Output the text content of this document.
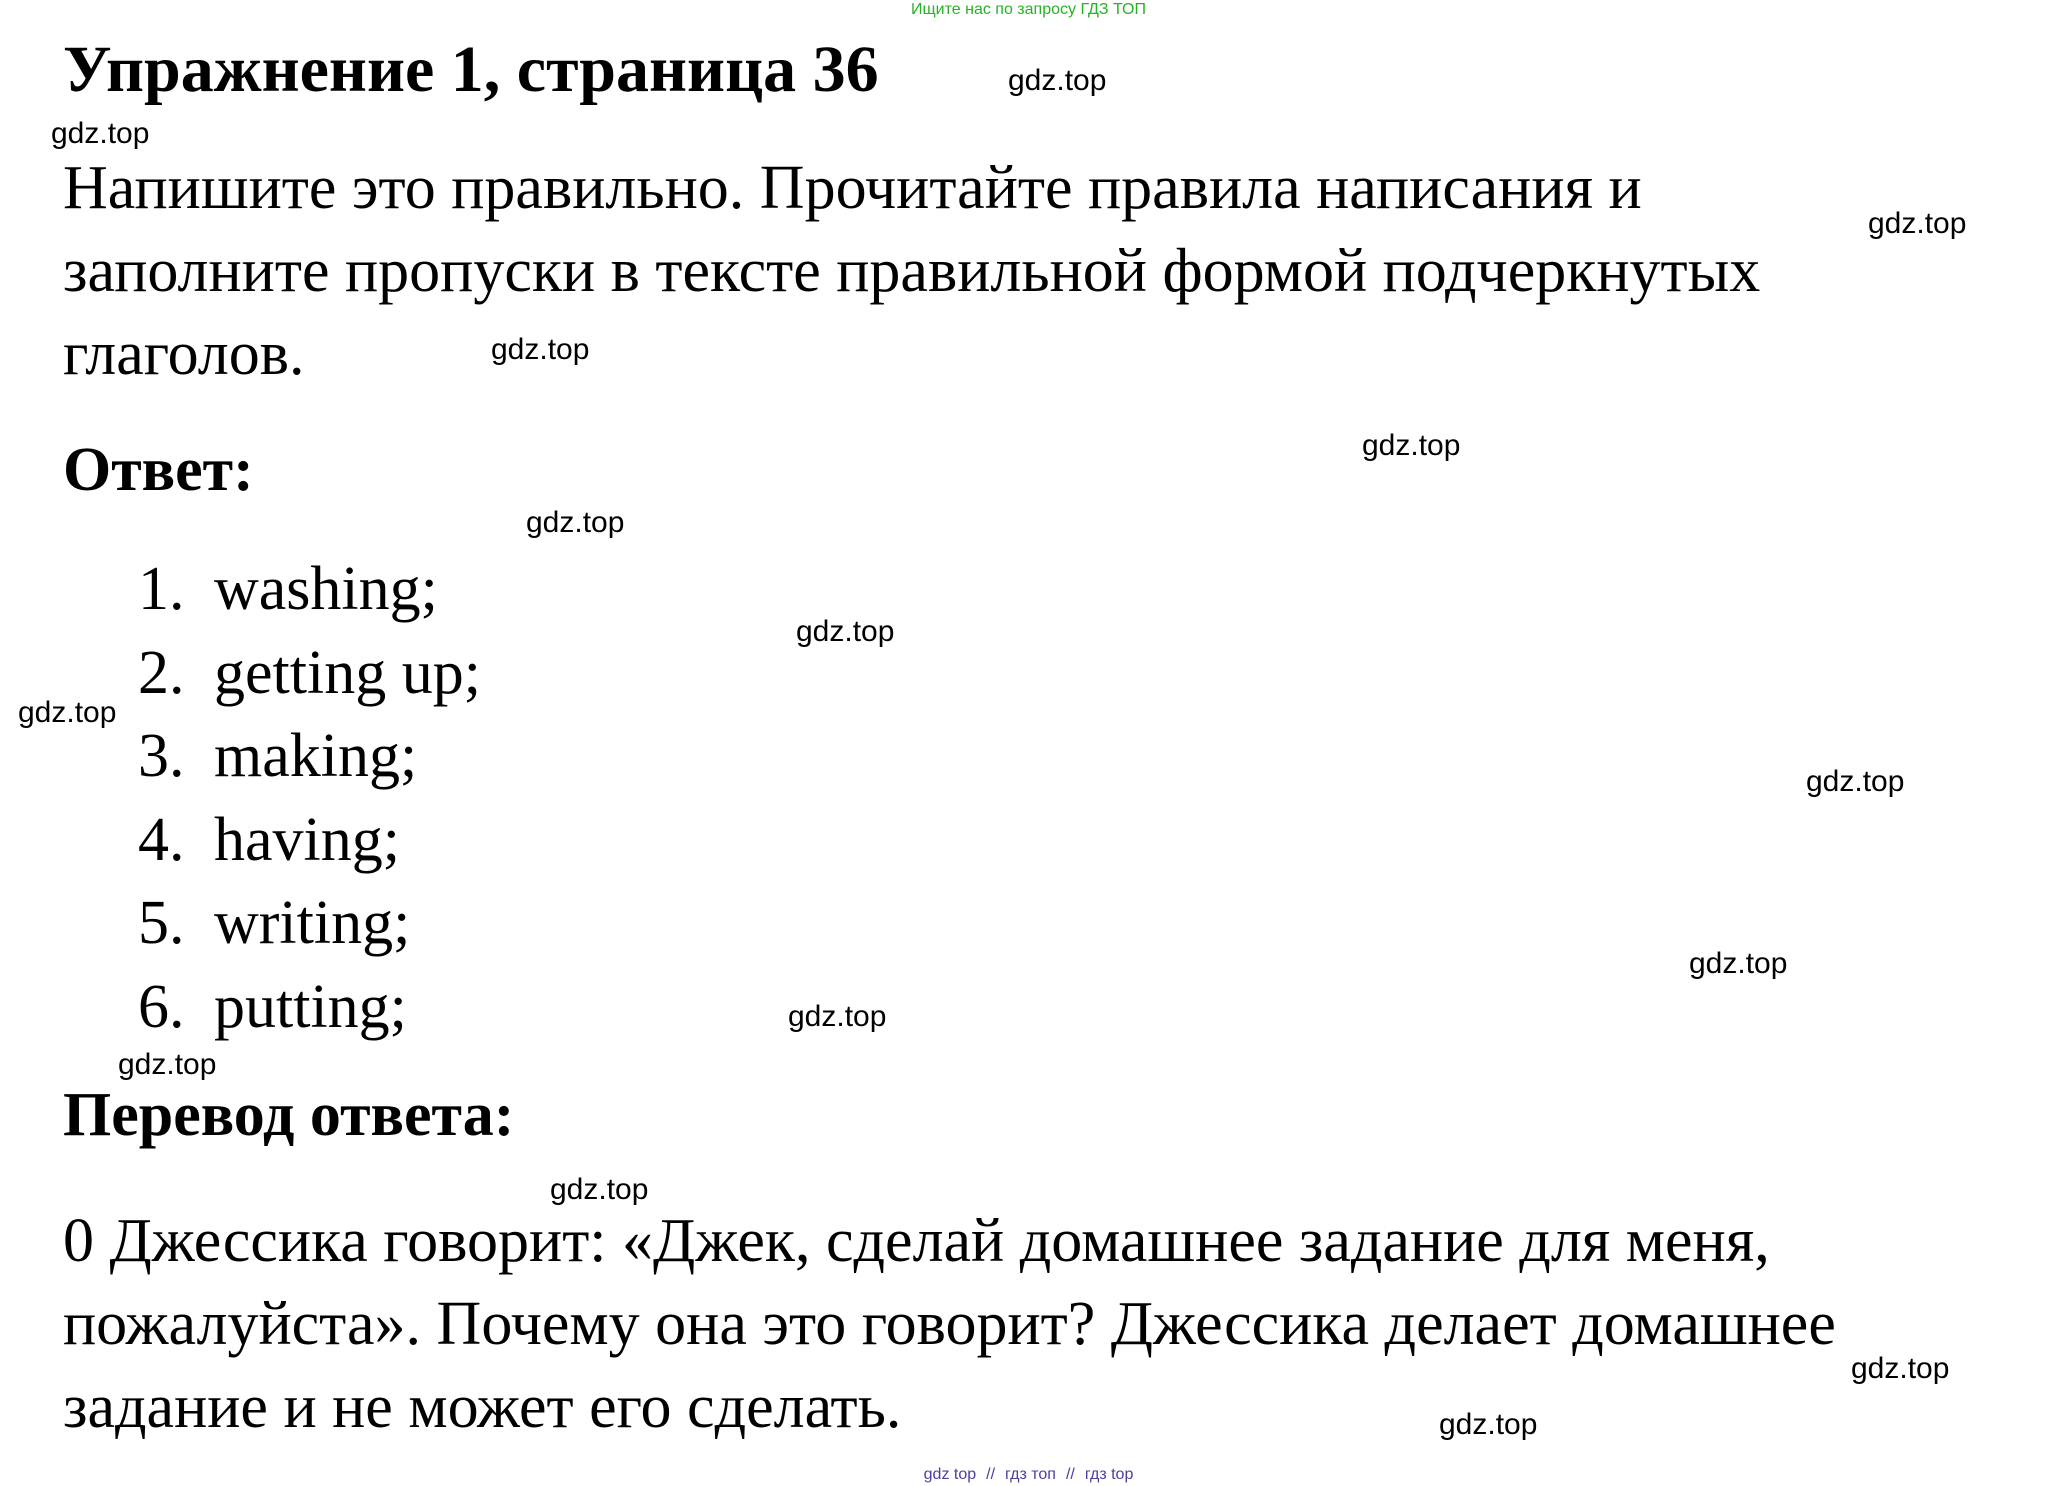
Ищите нас по запросу ГДЗ ТОП
Упражнение 1, страница 36

Напишите это правильно. Прочитайте правила написания и
заполните пропуски в тексте правильной формой подчеркнутых
глаголов.

Ответ:
1. washing;
2. getting up;
3. making;
4. having;
5. writing;
6. putting;
Перевод ответа:

0 Джессика говорит: «Джек, сделай домашнее задание для меня,
пожалуйста». Почему она это говорит? Джессика делает домашнее
задание и не может его сделать.

gdz.top
gdz.top
gdz.top
gdz.top
gdz.top
gdz.top
gdz.top
gdz.top
gdz.top
gdz.top
gdz.top
gdz.top
gdz.top
gdz.top
gdz.top
gdz top // гдз топ // гдз top
